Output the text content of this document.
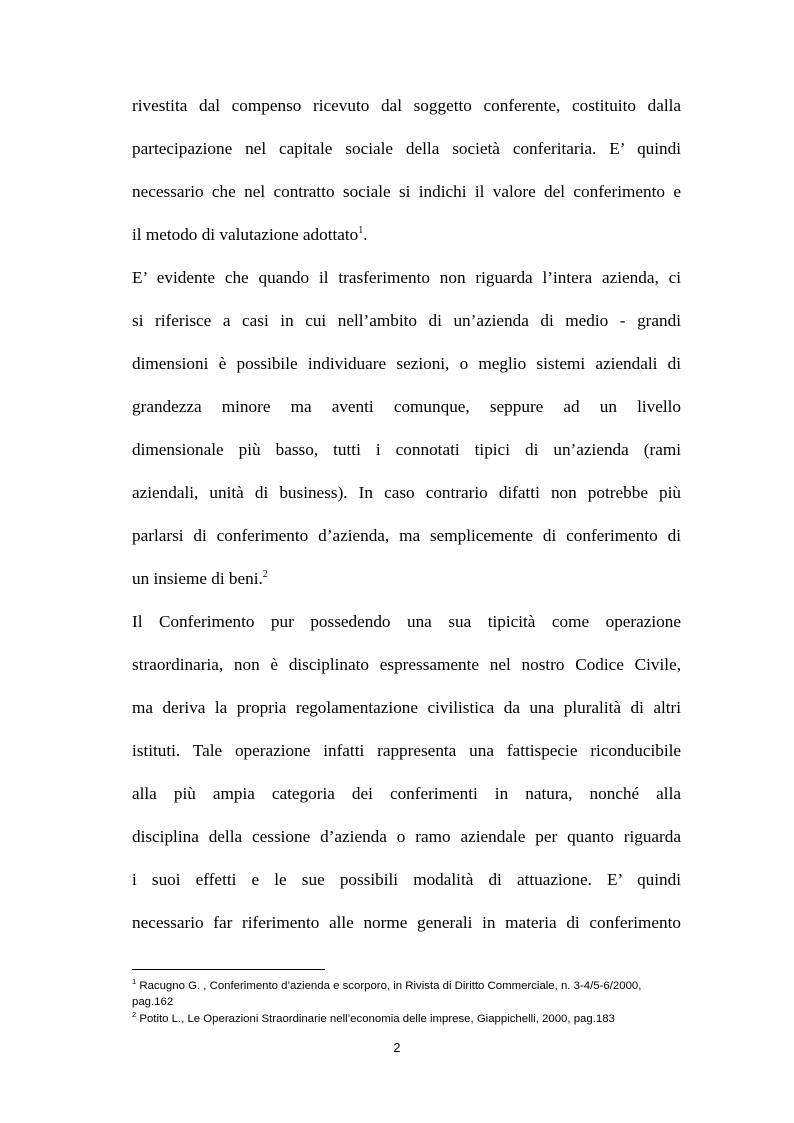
rivestita dal compenso ricevuto dal soggetto conferente, costituito dalla
partecipazione nel capitale sociale della società conferitaria. E’ quindi
necessario che nel contratto sociale si indichi il valore del conferimento e
il metodo di valutazione adottato$^1$.
E’ evidente che quando il trasferimento non riguarda l’intera azienda, ci
si riferisce a casi in cui nell’ambito di un’azienda di medio - grandi
dimensioni è possibile individuare sezioni, o meglio sistemi aziendali di
grandezza minore ma aventi comunque, seppure ad un livello
dimensionale più basso, tutti i connotati tipici di un’azienda (rami
aziendali, unità di business). In caso contrario difatti non potrebbe più
parlarsi di conferimento d’azienda, ma semplicemente di conferimento di
un insieme di beni.$^2$
Il Conferimento pur possedendo una sua tipicità come operazione
straordinaria, non è disciplinato espressamente nel nostro Codice Civile,
ma deriva la propria regolamentazione civilistica da una pluralità di altri
istituti. Tale operazione infatti rappresenta una fattispecie riconducibile
alla più ampia categoria dei conferimenti in natura, nonché alla
disciplina della cessione d’azienda o ramo aziendale per quanto riguarda
i suoi effetti e le sue possibili modalità di attuazione. E’ quindi
necessario far riferimento alle norme generali in materia di conferimento
$^1$ Racugno G. , Conferimento d’azienda e scorporo, in Rivista di Diritto Commerciale, n. 3-4/5-6/2000,
pag.162
$^2$ Potito L., Le Operazioni Straordinarie nell’economia delle imprese, Giappichelli, 2000, pag.183
2
